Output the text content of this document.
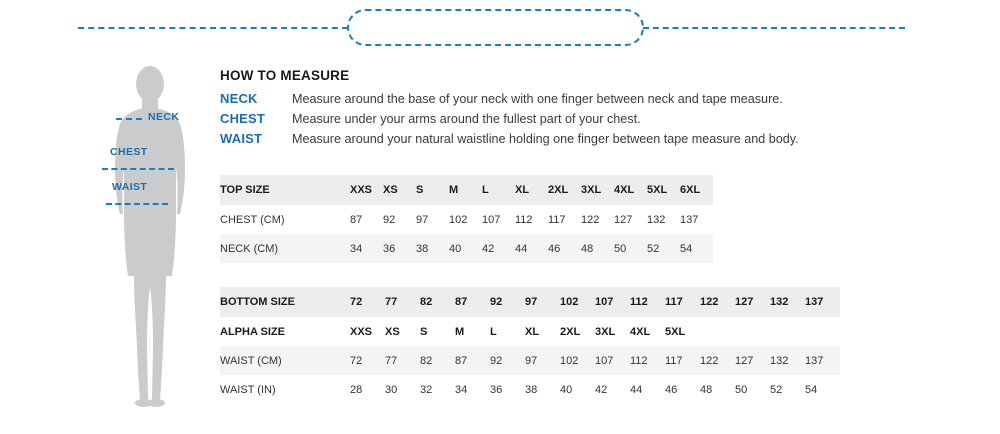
NECK
CHEST
WAIST
HOW TO MEASURE
NECK	Measure around the base of your neck with one finger between neck and tape measure.
CHEST	Measure under your arms around the fullest part of your chest.
WAIST	Measure around your natural waistline holding one finger between tape measure and body.
TOP SIZE	XXS	XS	S	M	L	XL	2XL	3XL	4XL	5XL	6XL
CHEST (CM)	87	92	97	102	107	112	117	122	127	132	137
NECK (CM)	34	36	38	40	42	44	46	48	50	52	54
BOTTOM SIZE	72	77	82	87	92	97	102	107	112	117	122	127	132	137
ALPHA SIZE	XXS	XS	S	M	L	XL	2XL	3XL	4XL	5XL				
WAIST (CM)	72	77	82	87	92	97	102	107	112	117	122	127	132	137
WAIST (IN)	28	30	32	34	36	38	40	42	44	46	48	50	52	54
